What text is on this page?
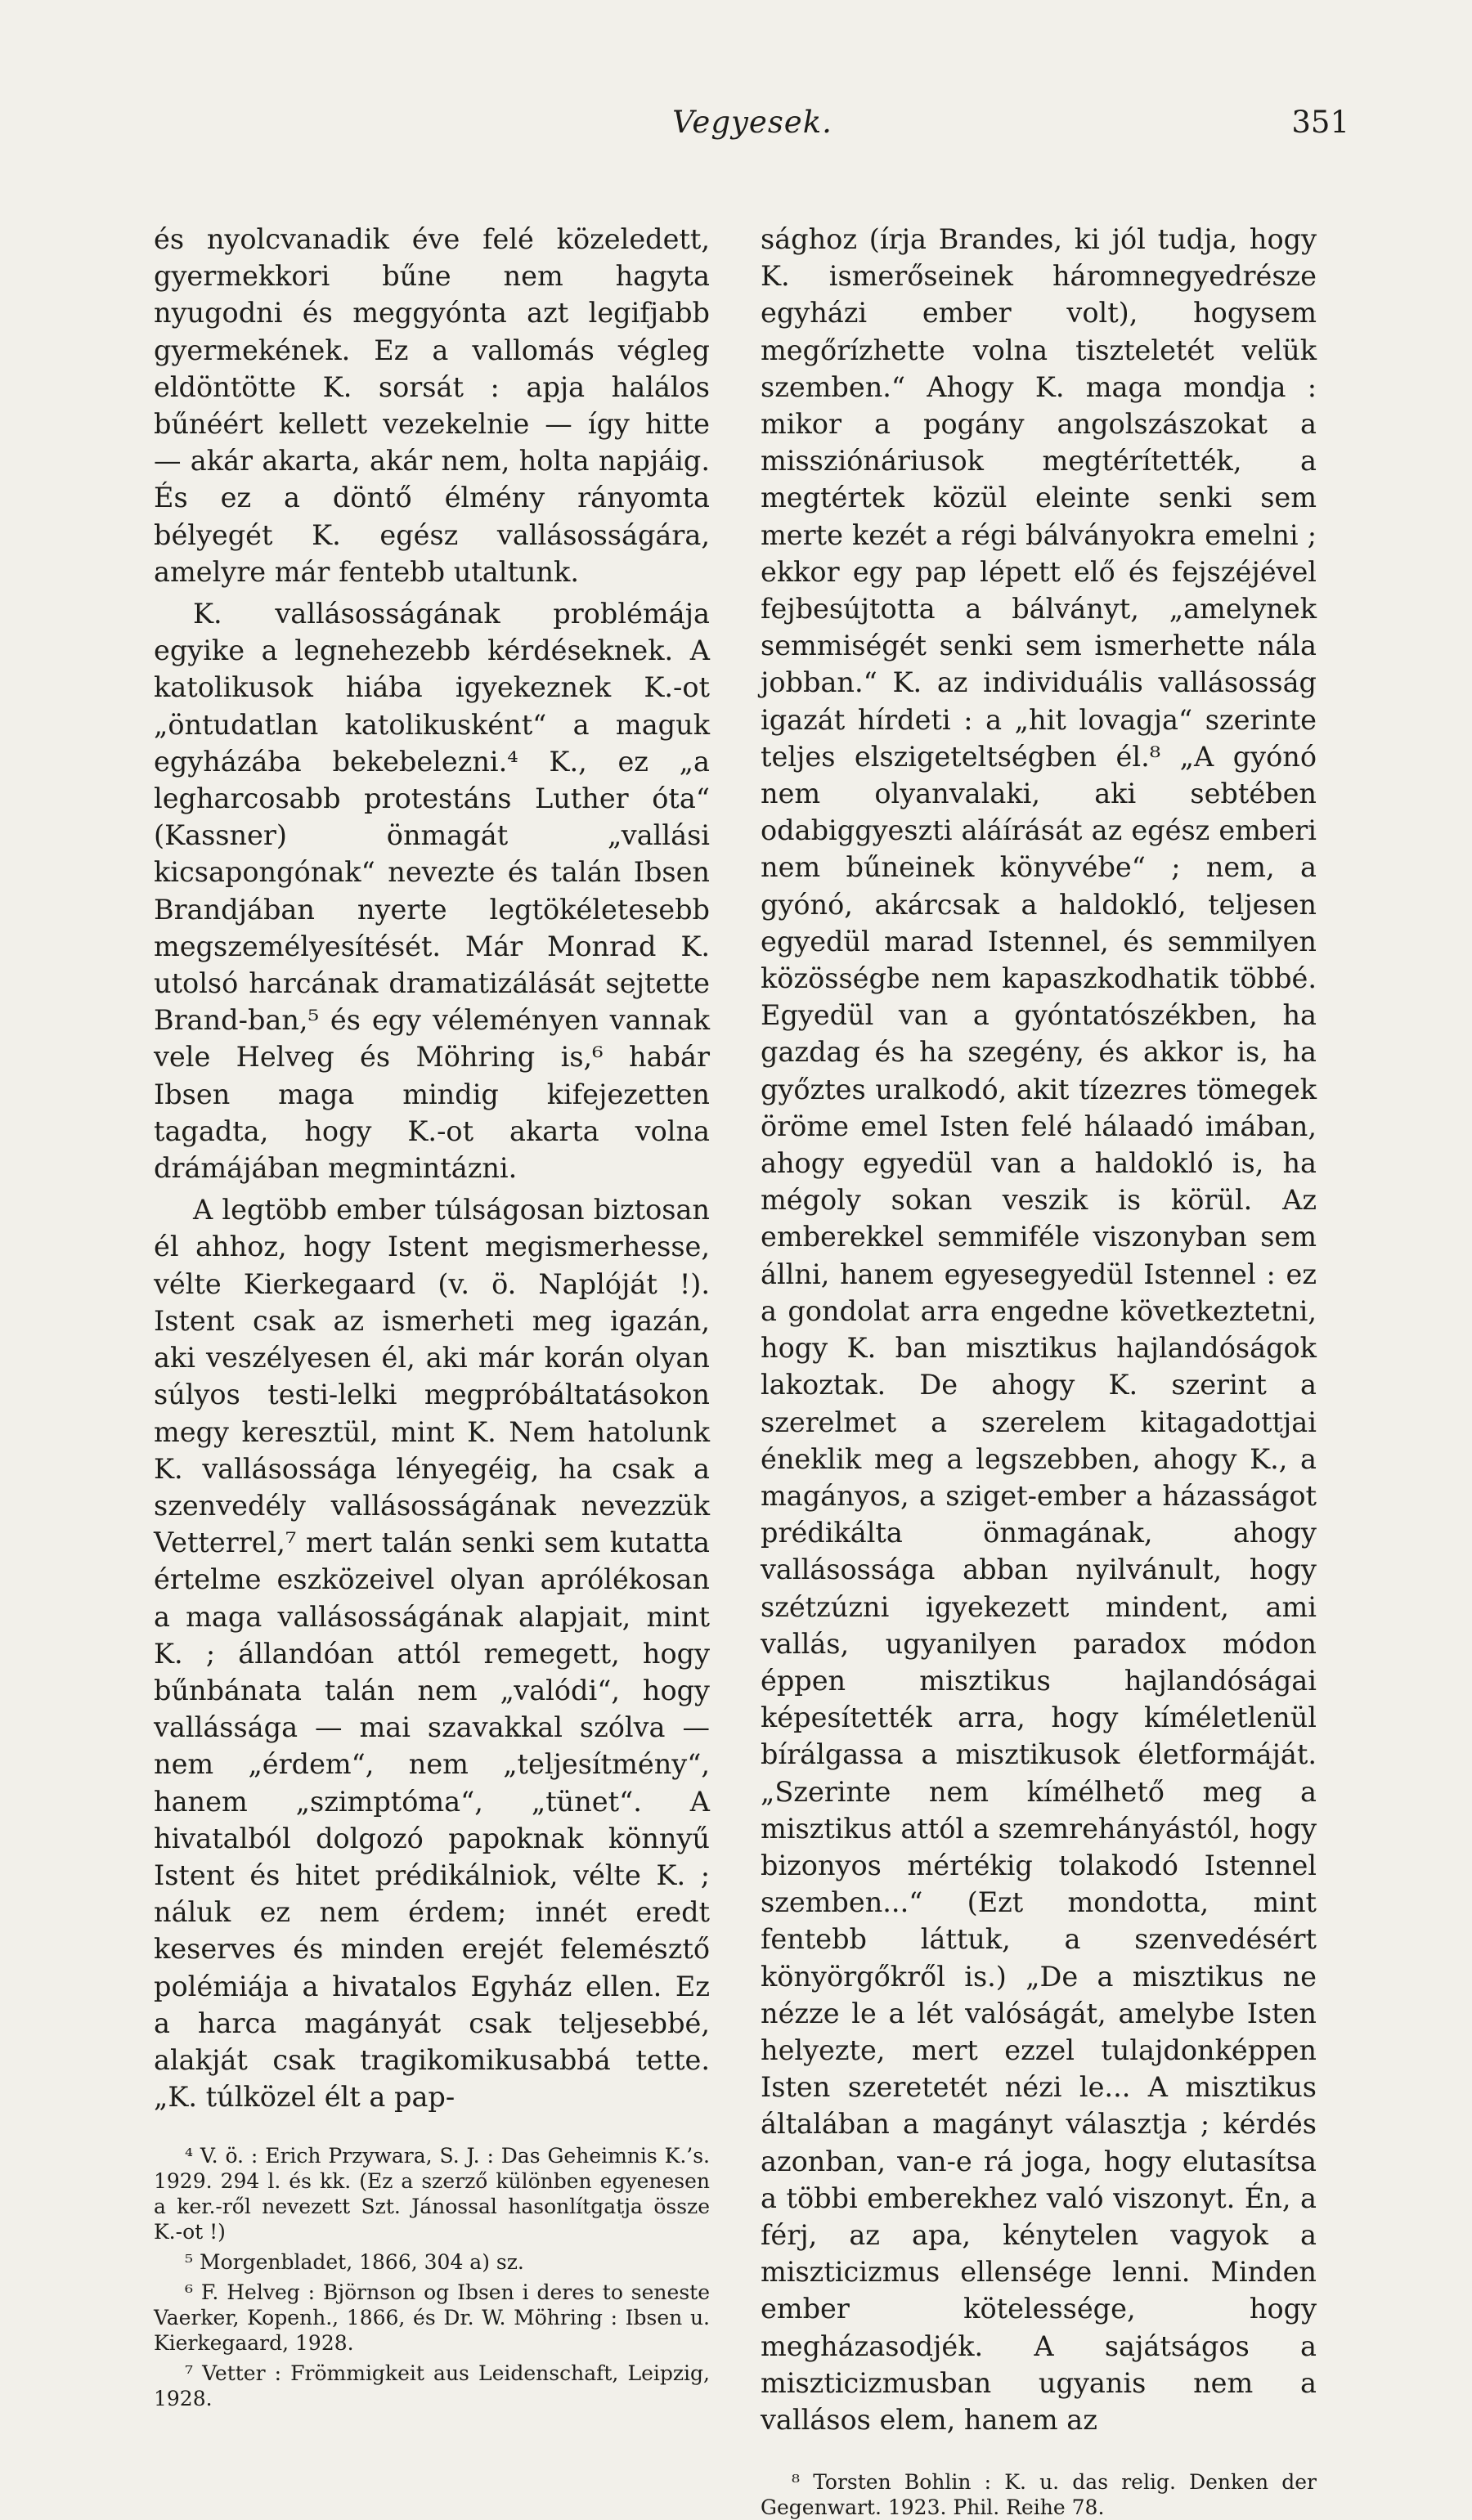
Vegyesek.	351

és nyolcvanadik éve felé közeledett, gyermekkori bűne nem hagyta nyugodni és meggyónta azt legifjabb gyermekének. Ez a vallomás végleg eldöntötte K. sorsát : apja halálos bűnéért kellett vezekelnie — így hitte — akár akarta, akár nem, holta napjáig. És ez a döntő élmény rányomta bélyegét K. egész vallásosságára, amelyre már fentebb utaltunk.

K. vallásosságának problémája egyike a legnehezebb kérdéseknek. A katolikusok hiába igyekeznek K.-ot „öntudatlan katolikusként“ a maguk egyházába bekebelezni.⁴ K., ez „a legharcosabb protestáns Luther óta“ (Kassner) önmagát „vallási kicsapongónak“ nevezte és talán Ibsen Brandjában nyerte legtökéletesebb megszemélyesítését. Már Monrad K. utolsó harcának dramatizálását sejtette Brand-ban,⁵ és egy véleményen vannak vele Helveg és Möhring is,⁶ habár Ibsen maga mindig kifejezetten tagadta, hogy K.-ot akarta volna drámájában megmintázni.

A legtöbb ember túlságosan biztosan él ahhoz, hogy Istent megismerhesse, vélte Kierkegaard (v. ö. Naplóját !). Istent csak az ismerheti meg igazán, aki veszélyesen él, aki már korán olyan súlyos testi-lelki megpróbáltatásokon megy keresztül, mint K. Nem hatolunk K. vallásossága lényegéig, ha csak a szenvedély vallásosságának nevezzük Vetterrel,⁷ mert talán senki sem kutatta értelme eszközeivel olyan aprólékosan a maga vallásosságának alapjait, mint K. ; állandóan attól remegett, hogy bűnbánata talán nem „valódi“, hogy vallássága — mai szavakkal szólva — nem „érdem“, nem „teljesítmény“, hanem „szimptóma“, „tünet“. A hivatalból dolgozó papoknak könnyű Istent és hitet prédikálniok, vélte K. ; náluk ez nem érdem; innét eredt keserves és minden erejét felemésztő polémiája a hivatalos Egyház ellen. Ez a harca magányát csak teljesebbé, alakját csak tragikomikusabbá tette. „K. túlközel élt a pap-

⁴ V. ö. : Erich Przywara, S. J. : Das Geheimnis K.’s. 1929. 294 l. és kk. (Ez a szerző különben egyenesen a ker.-ről nevezett Szt. Jánossal hasonlítgatja össze K.-ot !)

⁵ Morgenbladet, 1866, 304 a) sz.

⁶ F. Helveg : Björnson og Ibsen i deres to seneste Vaerker, Kopenh., 1866, és Dr. W. Möhring : Ibsen u. Kierkegaard, 1928.

⁷ Vetter : Frömmigkeit aus Leidenschaft, Leipzig, 1928.

sághoz (írja Brandes, ki jól tudja, hogy K. ismerőseinek háromnegyedrésze egyházi ember volt), hogysem megőrízhette volna tiszteletét velük szemben.“ Ahogy K. maga mondja : mikor a pogány angolszászokat a missziónáriusok megtérítették, a megtértek közül eleinte senki sem merte kezét a régi bálványokra emelni ; ekkor egy pap lépett elő és fejszéjével fejbesújtotta a bálványt, „amelynek semmiségét senki sem ismerhette nála jobban.“ K. az individuális vallásosság igazát hírdeti : a „hit lovagja“ szerinte teljes elszigeteltségben él.⁸ „A gyónó nem olyanvalaki, aki sebtében odabiggyeszti aláírását az egész emberi nem bűneinek könyvébe“ ; nem, a gyónó, akárcsak a haldokló, teljesen egyedül marad Istennel, és semmilyen közösségbe nem kapaszkodhatik többé. Egyedül van a gyóntatószékben, ha gazdag és ha szegény, és akkor is, ha győztes uralkodó, akit tízezres tömegek öröme emel Isten felé hálaadó imában, ahogy egyedül van a haldokló is, ha mégoly sokan veszik is körül. Az emberekkel semmiféle viszonyban sem állni, hanem egyesegyedül Istennel : ez a gondolat arra engedne következtetni, hogy K. ban misztikus hajlandóságok lakoztak. De ahogy K. szerint a szerelmet a szerelem kitagadottjai éneklik meg a legszebben, ahogy K., a magányos, a sziget-ember a házasságot prédikálta önmagának, ahogy vallásossága abban nyilvánult, hogy szétzúzni igyekezett mindent, ami vallás, ugyanilyen paradox módon éppen misztikus hajlandóságai képesítették arra, hogy kíméletlenül bírálgassa a misztikusok életformáját. „Szerinte nem kímélhető meg a misztikus attól a szemrehányástól, hogy bizonyos mértékig tolakodó Istennel szemben...“ (Ezt mondotta, mint fentebb láttuk, a szenvedésért könyörgőkről is.) „De a misztikus ne nézze le a lét valóságát, amelybe Isten helyezte, mert ezzel tulajdonképpen Isten szeretetét nézi le... A misztikus általában a magányt választja ; kérdés azonban, van-e rá joga, hogy elutasítsa a többi emberekhez való viszonyt. Én, a férj, az apa, kénytelen vagyok a miszticizmus ellensége lenni. Minden ember kötelessége, hogy megházasodjék. A sajátságos a miszticizmusban ugyanis nem a vallásos elem, hanem az

⁸ Torsten Bohlin : K. u. das relig. Denken der Gegenwart. 1923. Phil. Reihe 78.
